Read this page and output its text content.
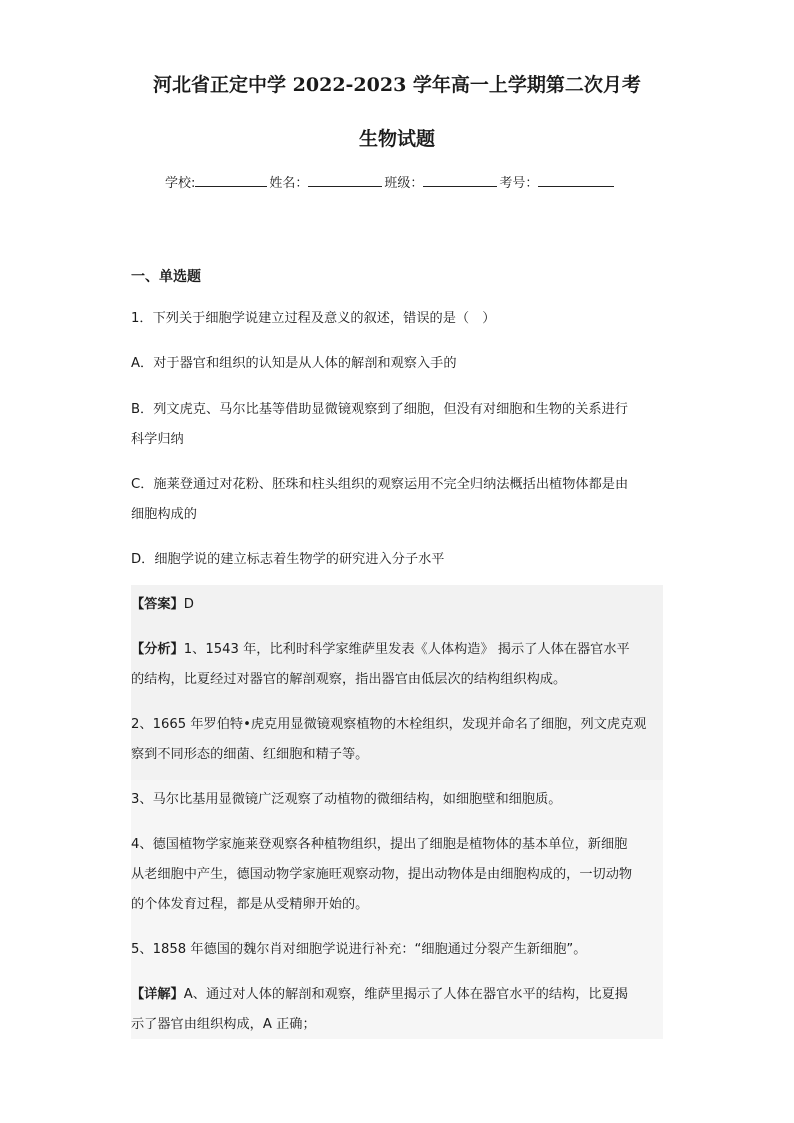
河北省正定中学 2022-2023 学年高一上学期第二次月考
生物试题
学校:	姓名：	班级：	考号：
一、单选题
1．下列关于细胞学说建立过程及意义的叙述，错误的是（　）
A．对于器官和组织的认知是从人体的解剖和观察入手的
B．列文虎克、马尔比基等借助显微镜观察到了细胞，但没有对细胞和生物的关系进行
科学归纳
C．施莱登通过对花粉、胚珠和柱头组织的观察运用不完全归纳法概括出植物体都是由
细胞构成的
D．细胞学说的建立标志着生物学的研究进入分子水平
【答案】D
【分析】1、1543 年，比利时科学家维萨里发表《人体构造》 揭示了人体在器官水平
的结构，比夏经过对器官的解剖观察，指出器官由低层次的结构组织构成。
2、1665 年罗伯特•虎克用显微镜观察植物的木栓组织，发现并命名了细胞，列文虎克观
察到不同形态的细菌、红细胞和精子等。
3、马尔比基用显微镜广泛观察了动植物的微细结构，如细胞壁和细胞质。
4、德国植物学家施莱登观察各种植物组织，提出了细胞是植物体的基本单位，新细胞
从老细胞中产生，德国动物学家施旺观察动物，提出动物体是由细胞构成的，一切动物
的个体发育过程，都是从受精卵开始的。
5、1858 年德国的魏尔肖对细胞学说进行补充：“细胞通过分裂产生新细胞”。
【详解】A、通过对人体的解剖和观察，维萨里揭示了人体在器官水平的结构，比夏揭
示了器官由组织构成，A 正确；
